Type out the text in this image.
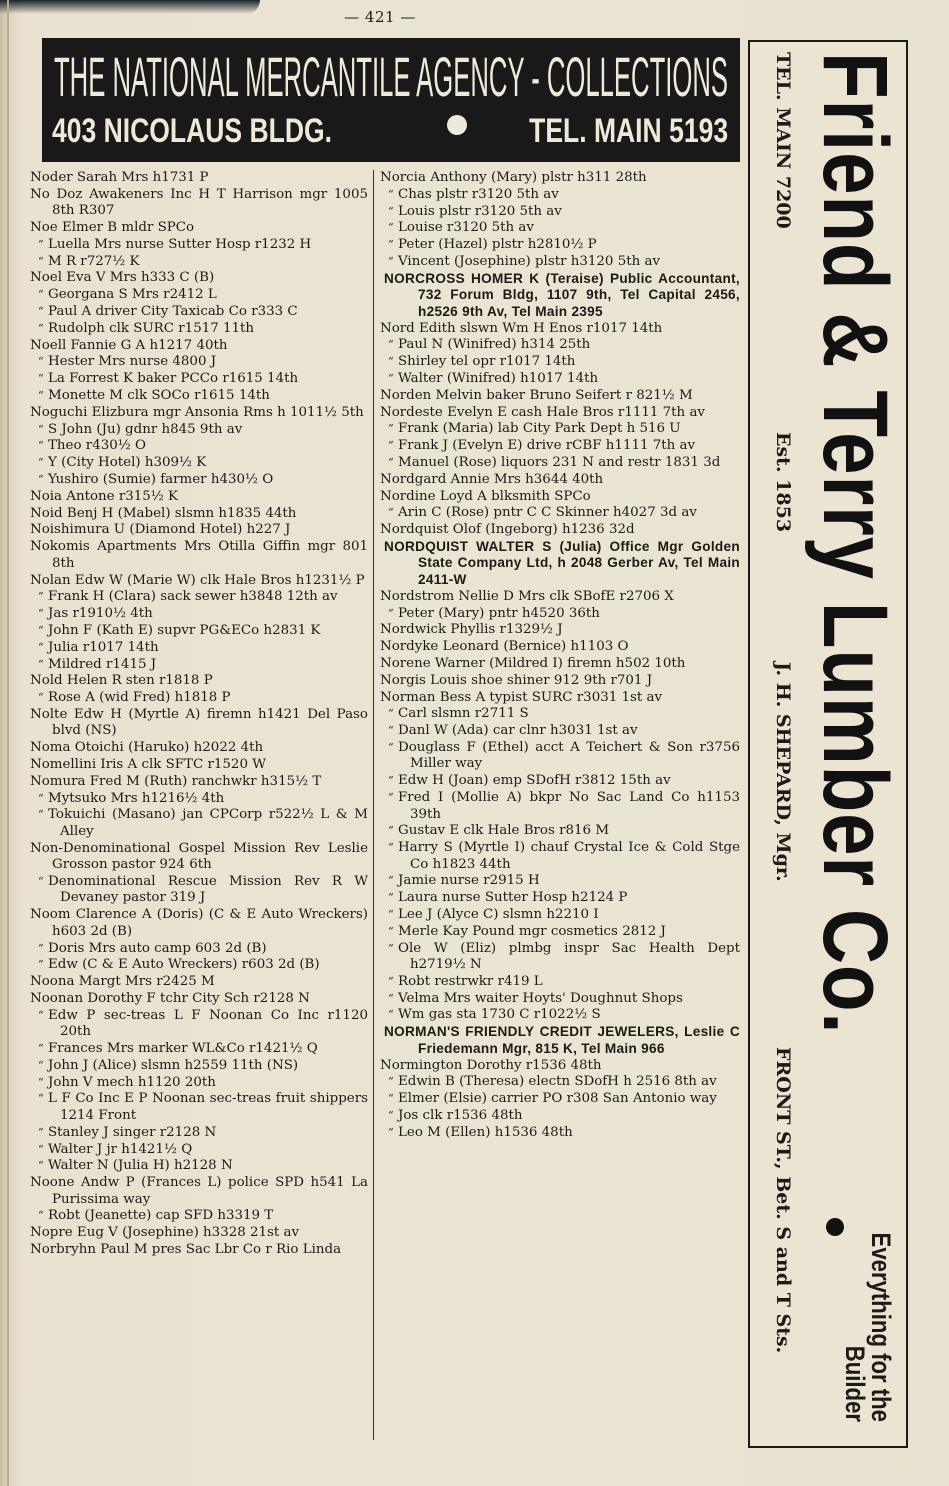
— 421 —
THE NATIONAL MERCANTILE AGENCY - COLLECTIONS
403 NICOLAUS BLDG.	TEL. MAIN 5193

Noder Sarah Mrs h1731 P

No Doz Awakeners Inc H T Harrison mgr 1005 8th R307

Noe Elmer B mldr SPCo

“ Luella Mrs nurse Sutter Hosp r1232 H

“ M R r727½ K

Noel Eva V Mrs h333 C (B)

“ Georgana S Mrs r2412 L

“ Paul A driver City Taxicab Co r333 C

“ Rudolph clk SURC r1517 11th

Noell Fannie G A h1217 40th

“ Hester Mrs nurse 4800 J

“ La Forrest K baker PCCo r1615 14th

“ Monette M clk SOCo r1615 14th

Noguchi Elizbura mgr Ansonia Rms h 1011½ 5th

“ S John (Ju) gdnr h845 9th av

“ Theo r430½ O

“ Y (City Hotel) h309½ K

“ Yushiro (Sumie) farmer h430½ O

Noia Antone r315½ K

Noid Benj H (Mabel) slsmn h1835 44th

Noishimura U (Diamond Hotel) h227 J

Nokomis Apartments Mrs Otilla Giffin mgr 801 8th

Nolan Edw W (Marie W) clk Hale Bros h1231½ P

“ Frank H (Clara) sack sewer h3848 12th av

“ Jas r1910½ 4th

“ John F (Kath E) supvr PG&ECo h2831 K

“ Julia r1017 14th

“ Mildred r1415 J

Nold Helen R sten r1818 P

“ Rose A (wid Fred) h1818 P

Nolte Edw H (Myrtle A) firemn h1421 Del Paso blvd (NS)

Noma Otoichi (Haruko) h2022 4th

Nomellini Iris A clk SFTC r1520 W

Nomura Fred M (Ruth) ranchwkr h315½ T

“ Mytsuko Mrs h1216½ 4th

“ Tokuichi (Masano) jan CPCorp r522½ L & M Alley

Non-Denominational Gospel Mission Rev Leslie Grosson pastor 924 6th

“ Denominational Rescue Mission Rev R W Devaney pastor 319 J

Noom Clarence A (Doris) (C & E Auto Wreckers) h603 2d (B)

“ Doris Mrs auto camp 603 2d (B)

“ Edw (C & E Auto Wreckers) r603 2d (B)

Noona Margt Mrs r2425 M

Noonan Dorothy F tchr City Sch r2128 N

“ Edw P sec-treas L F Noonan Co Inc r1120 20th

“ Frances Mrs marker WL&Co r1421½ Q

“ John J (Alice) slsmn h2559 11th (NS)

“ John V mech h1120 20th

“ L F Co Inc E P Noonan sec-treas fruit shippers 1214 Front

“ Stanley J singer r2128 N

“ Walter J jr h1421½ Q

“ Walter N (Julia H) h2128 N

Noone Andw P (Frances L) police SPD h541 La Purissima way

“ Robt (Jeanette) cap SFD h3319 T

Nopre Eug V (Josephine) h3328 21st av

Norbryhn Paul M pres Sac Lbr Co r Rio Linda

Norcia Anthony (Mary) plstr h311 28th

“ Chas plstr r3120 5th av

“ Louis plstr r3120 5th av

“ Louise r3120 5th av

“ Peter (Hazel) plstr h2810½ P

“ Vincent (Josephine) plstr h3120 5th av

NORCROSS HOMER K (Teraise) Public Accountant, 732 Forum Bldg, 1107 9th, Tel Capital 2456, h2526 9th Av, Tel Main 2395

Nord Edith slswn Wm H Enos r1017 14th

“ Paul N (Winifred) h314 25th

“ Shirley tel opr r1017 14th

“ Walter (Winifred) h1017 14th

Norden Melvin baker Bruno Seifert r 821½ M

Nordeste Evelyn E cash Hale Bros r1111 7th av

“ Frank (Maria) lab City Park Dept h 516 U

“ Frank J (Evelyn E) drive rCBF h1111 7th av

“ Manuel (Rose) liquors 231 N and restr 1831 3d

Nordgard Annie Mrs h3644 40th

Nordine Loyd A blksmith SPCo

“ Arin C (Rose) pntr C C Skinner h4027 3d av

Nordquist Olof (Ingeborg) h1236 32d

NORDQUIST WALTER S (Julia) Office Mgr Golden State Company Ltd, h 2048 Gerber Av, Tel Main 2411-W

Nordstrom Nellie D Mrs clk SBofE r2706 X

“ Peter (Mary) pntr h4520 36th

Nordwick Phyllis r1329½ J

Nordyke Leonard (Bernice) h1103 O

Norene Warner (Mildred I) firemn h502 10th

Norgis Louis shoe shiner 912 9th r701 J

Norman Bess A typist SURC r3031 1st av

“ Carl slsmn r2711 S

“ Danl W (Ada) car clnr h3031 1st av

“ Douglass F (Ethel) acct A Teichert & Son r3756 Miller way

“ Edw H (Joan) emp SDofH r3812 15th av

“ Fred I (Mollie A) bkpr No Sac Land Co h1153 39th

“ Gustav E clk Hale Bros r816 M

“ Harry S (Myrtle I) chauf Crystal Ice & Cold Stge Co h1823 44th

“ Jamie nurse r2915 H

“ Laura nurse Sutter Hosp h2124 P

“ Lee J (Alyce C) slsmn h2210 I

“ Merle Kay Pound mgr cosmetics 2812 J

“ Ole W (Eliz) plmbg inspr Sac Health Dept h2719½ N

“ Robt restrwkr r419 L

“ Velma Mrs waiter Hoyts' Doughnut Shops

“ Wm gas sta 1730 C r1022½ S

NORMAN'S FRIENDLY CREDIT JEWELERS, Leslie C Friedemann Mgr, 815 K, Tel Main 966

Normington Dorothy r1536 48th

“ Edwin B (Theresa) electn SDofH h 2516 8th av

“ Elmer (Elsie) carrier PO r308 San Antonio way

“ Jos clk r1536 48th

“ Leo M (Ellen) h1536 48th

Friend & Terry Lumber Co.
TEL. MAIN 7200
Est. 1853
J. H. SHEPARD, Mgr.
FRONT ST., Bet. S and T Sts.	Everything for the
Builder
